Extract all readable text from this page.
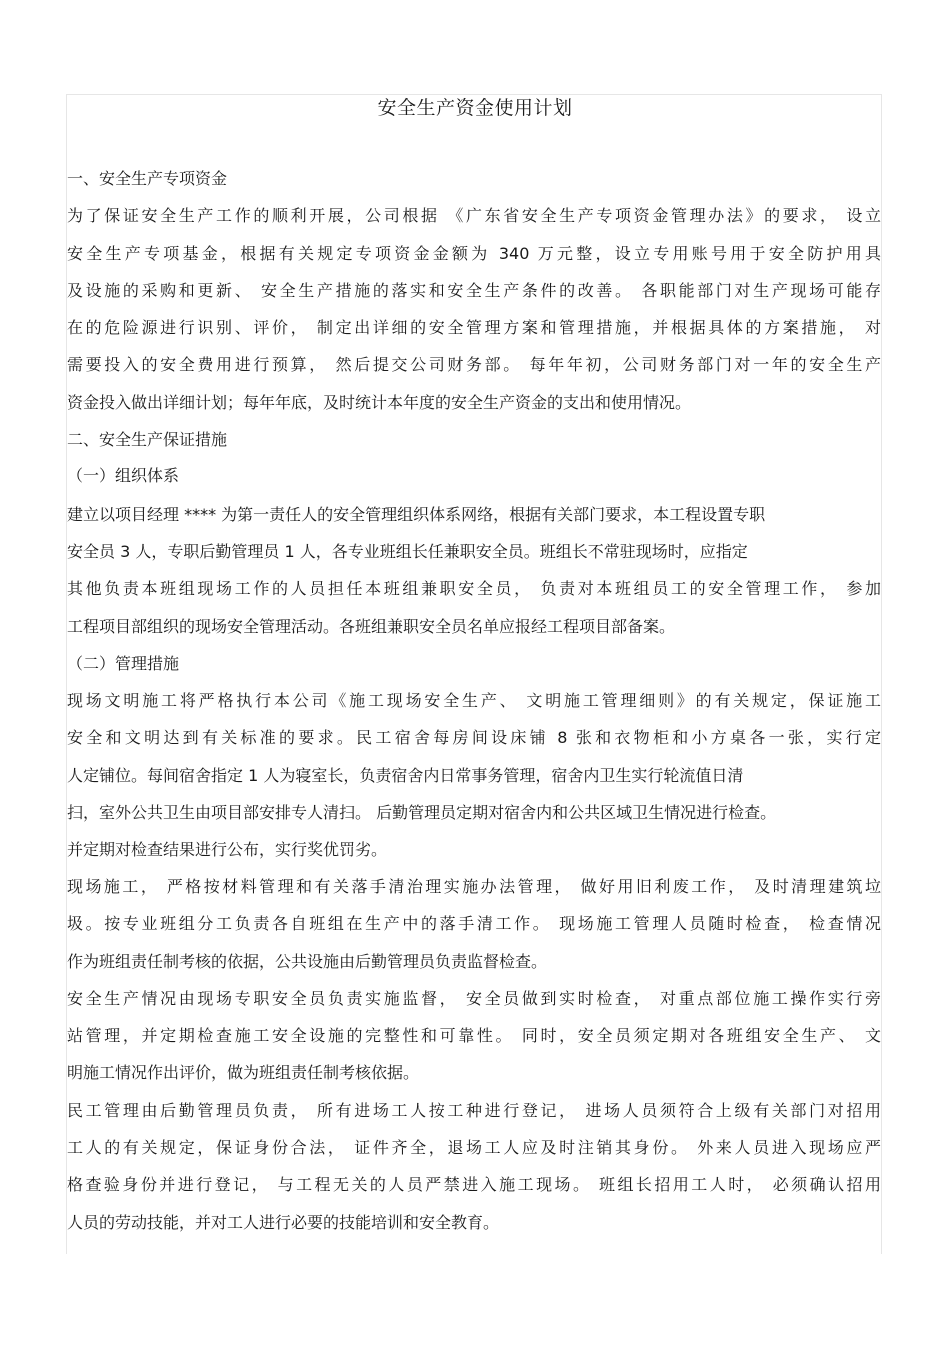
安全生产资金使用计划
一、安全生产专项资金
为了保证安全生产工作的顺利开展，公司根据 《广东省安全生产专项资金管理办法》的要求， 设立
安全生产专项基金，根据有关规定专项资金金额为 340 万元整，设立专用账号用于安全防护用具
及设施的采购和更新、 安全生产措施的落实和安全生产条件的改善。 各职能部门对生产现场可能存
在的危险源进行识别、评价， 制定出详细的安全管理方案和管理措施，并根据具体的方案措施， 对
需要投入的安全费用进行预算， 然后提交公司财务部。 每年年初，公司财务部门对一年的安全生产
资金投入做出详细计划；每年年底，及时统计本年度的安全生产资金的支出和使用情况。
二、安全生产保证措施
（一）组织体系
建立以项目经理 **** 为第一责任人的安全管理组织体系网络，根据有关部门要求，本工程设置专职
安全员 3 人，专职后勤管理员 1 人，各专业班组长任兼职安全员。班组长不常驻现场时，应指定
其他负责本班组现场工作的人员担任本班组兼职安全员， 负责对本班组员工的安全管理工作， 参加
工程项目部组织的现场安全管理活动。各班组兼职安全员名单应报经工程项目部备案。
（二）管理措施
现场文明施工将严格执行本公司《施工现场安全生产、 文明施工管理细则》的有关规定，保证施工
安全和文明达到有关标准的要求。民工宿舍每房间设床铺 8 张和衣物柜和小方桌各一张，实行定
人定铺位。每间宿舍指定 1 人为寝室长，负责宿舍内日常事务管理，宿舍内卫生实行轮流值日清
扫，室外公共卫生由项目部安排专人清扫。 后勤管理员定期对宿舍内和公共区域卫生情况进行检查。
并定期对检查结果进行公布，实行奖优罚劣。
现场施工， 严格按材料管理和有关落手清治理实施办法管理， 做好用旧利废工作， 及时清理建筑垃
圾。按专业班组分工负责各自班组在生产中的落手清工作。 现场施工管理人员随时检查， 检查情况
作为班组责任制考核的依据，公共设施由后勤管理员负责监督检查。
安全生产情况由现场专职安全员负责实施监督， 安全员做到实时检查， 对重点部位施工操作实行旁
站管理，并定期检查施工安全设施的完整性和可靠性。 同时，安全员须定期对各班组安全生产、 文
明施工情况作出评价，做为班组责任制考核依据。
民工管理由后勤管理员负责， 所有进场工人按工种进行登记， 进场人员须符合上级有关部门对招用
工人的有关规定，保证身份合法， 证件齐全，退场工人应及时注销其身份。 外来人员进入现场应严
格查验身份并进行登记， 与工程无关的人员严禁进入施工现场。 班组长招用工人时， 必须确认招用
人员的劳动技能，并对工人进行必要的技能培训和安全教育。
